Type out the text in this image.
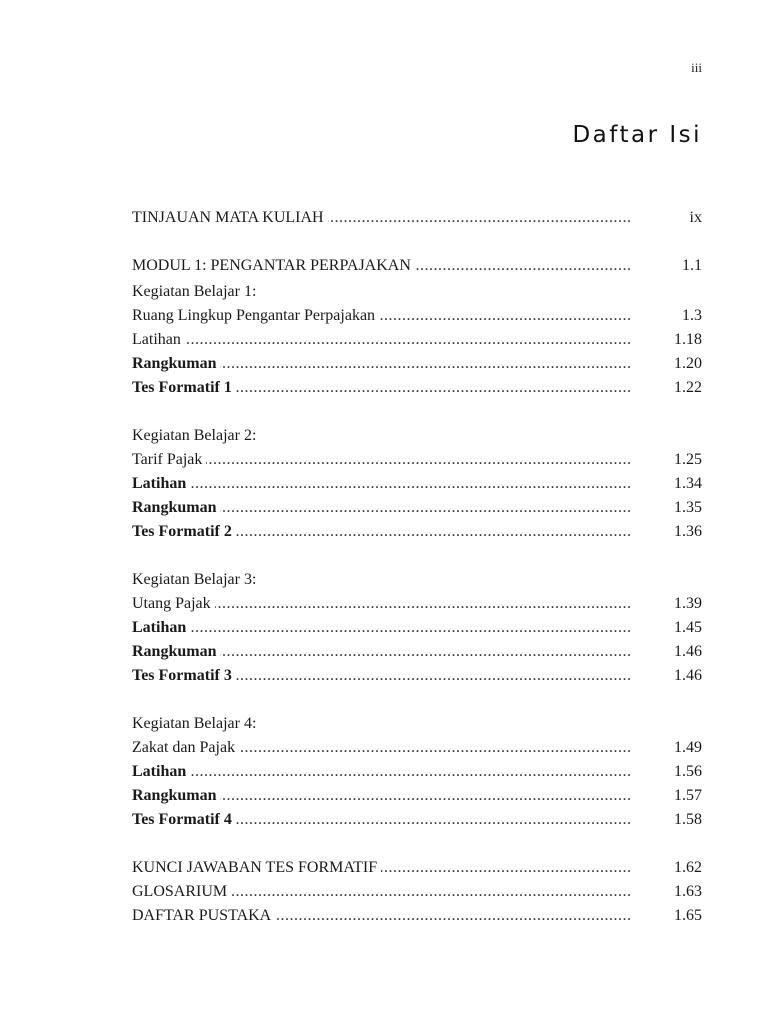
iii
Daftar Isi
.....
TINJAUAN MATA KULIAH	ix
.....
MODUL 1: PENGANTAR PERPAJAKAN	1.1
Kegiatan Belajar 1:
.....
Ruang Lingkup Pengantar Perpajakan	1.3
.....
Latihan	1.18
.....
Rangkuman	1.20
.....
Tes Formatif 1	1.22
Kegiatan Belajar 2:
.....
Tarif Pajak	1.25
.....
Latihan	1.34
.....
Rangkuman	1.35
.....
Tes Formatif 2	1.36
Kegiatan Belajar 3:
.....
Utang Pajak	1.39
.....
Latihan	1.45
.....
Rangkuman	1.46
.....
Tes Formatif 3	1.46
Kegiatan Belajar 4:
.....
Zakat dan Pajak	1.49
.....
Latihan	1.56
.....
Rangkuman	1.57
.....
Tes Formatif 4	1.58
.....
KUNCI JAWABAN TES FORMATIF	1.62
.....
GLOSARIUM	1.63
.....
DAFTAR PUSTAKA	1.65
